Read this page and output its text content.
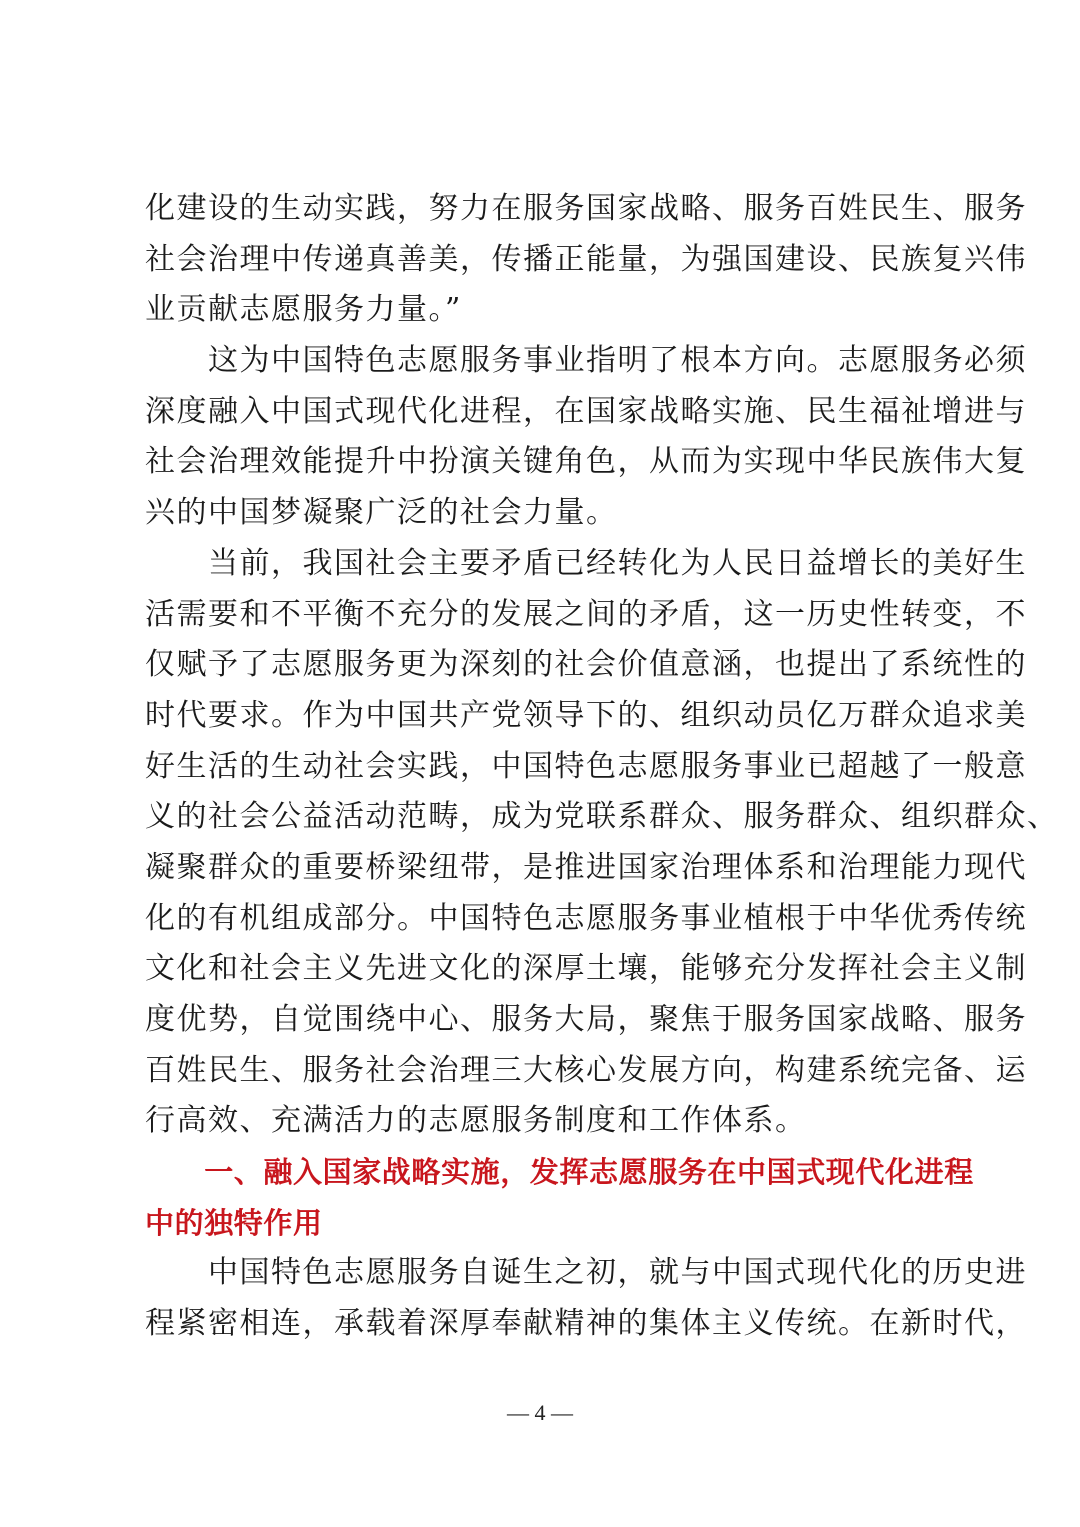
化建设的生动实践，努力在服务国家战略、服务百姓民生、服务
社会治理中传递真善美，传播正能量，为强国建设、民族复兴伟
业贡献志愿服务力量。”
　　这为中国特色志愿服务事业指明了根本方向。志愿服务必须
深度融入中国式现代化进程，在国家战略实施、民生福祉增进与
社会治理效能提升中扮演关键角色，从而为实现中华民族伟大复
兴的中国梦凝聚广泛的社会力量。
　　当前，我国社会主要矛盾已经转化为人民日益增长的美好生
活需要和不平衡不充分的发展之间的矛盾，这一历史性转变，不
仅赋予了志愿服务更为深刻的社会价值意涵，也提出了系统性的
时代要求。作为中国共产党领导下的、组织动员亿万群众追求美
好生活的生动社会实践，中国特色志愿服务事业已超越了一般意
义的社会公益活动范畴，成为党联系群众、服务群众、组织群众、
凝聚群众的重要桥梁纽带，是推进国家治理体系和治理能力现代
化的有机组成部分。中国特色志愿服务事业植根于中华优秀传统
文化和社会主义先进文化的深厚土壤，能够充分发挥社会主义制
度优势，自觉围绕中心、服务大局，聚焦于服务国家战略、服务
百姓民生、服务社会治理三大核心发展方向，构建系统完备、运
行高效、充满活力的志愿服务制度和工作体系。
　　一、融入国家战略实施，发挥志愿服务在中国式现代化进程
中的独特作用
　　中国特色志愿服务自诞生之初，就与中国式现代化的历史进
程紧密相连，承载着深厚奉献精神的集体主义传统。在新时代，
— 4 —
